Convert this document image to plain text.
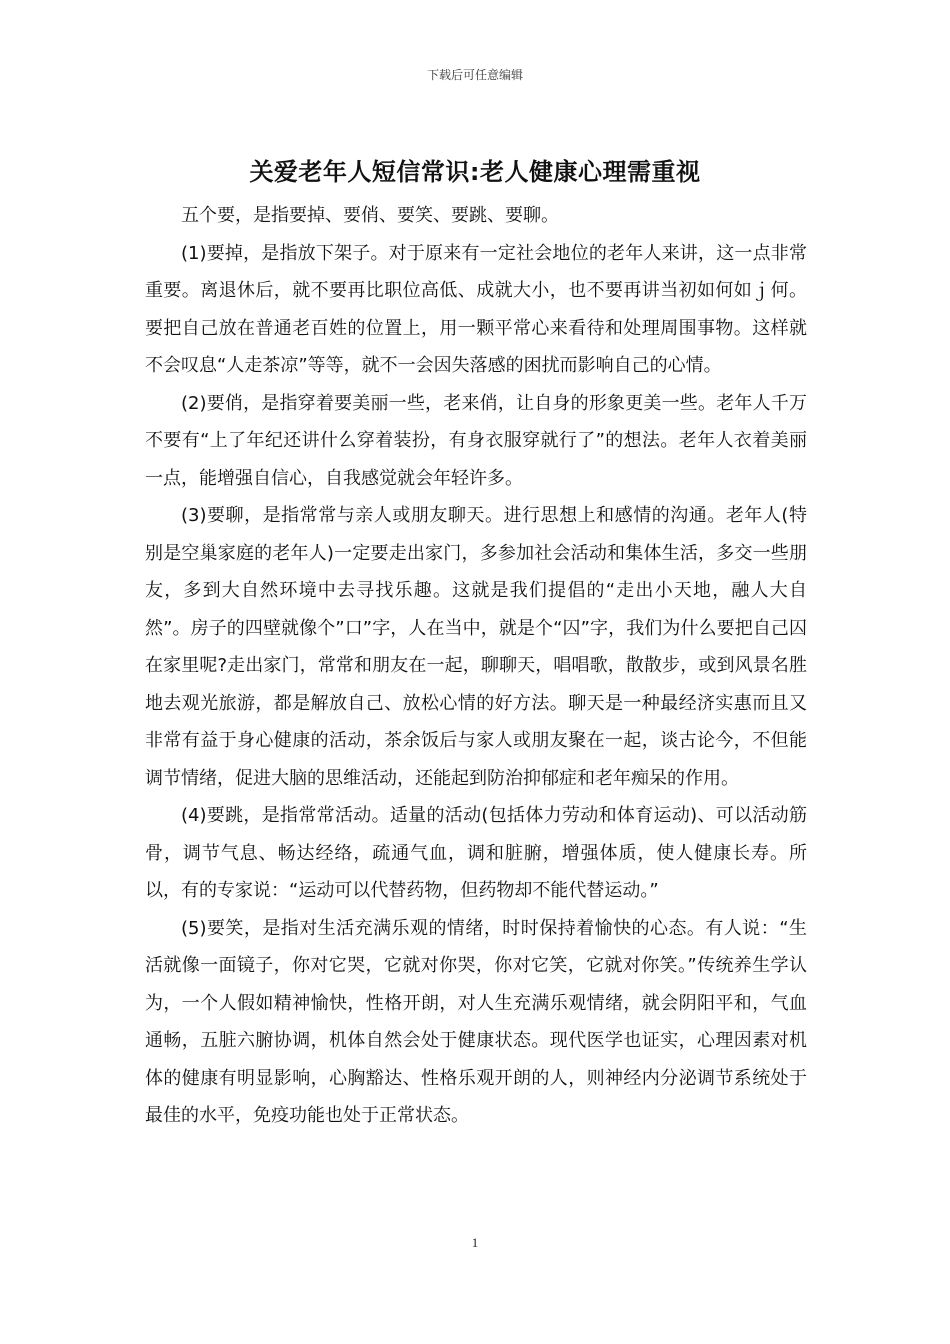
下载后可任意编辑
关爱老年人短信常识:老人健康心理需重视

五个要，是指要掉、要俏、要笑、要跳、要聊。

(1)要掉，是指放下架子。对于原来有一定社会地位的老年人来讲，这一点非常重要。离退休后，就不要再比职位高低、成就大小，也不要再讲当初如何如ｊ何。要把自己放在普通老百姓的位置上，用一颗平常心来看待和处理周围事物。这样就不会叹息“人走茶凉”等等，就不一会因失落感的困扰而影响自己的心情。

(2)要俏，是指穿着要美丽一些，老来俏，让自身的形象更美一些。老年人千万不要有“上了年纪还讲什么穿着装扮，有身衣服穿就行了”的想法。老年人衣着美丽一点，能增强自信心，自我感觉就会年轻许多。

(3)要聊，是指常常与亲人或朋友聊天。进行思想上和感情的沟通。老年人(特别是空巢家庭的老年人)一定要走出家门，多参加社会活动和集体生活，多交一些朋友，多到大自然环境中去寻找乐趣。这就是我们提倡的“走出小天地，融人大自然”。房子的四壁就像个”口”字，人在当中，就是个“囚”字，我们为什么要把自己囚在家里呢?走出家门，常常和朋友在一起，聊聊天，唱唱歌，散散步，或到风景名胜地去观光旅游，都是解放自己、放松心情的好方法。聊天是一种最经济实惠而且又非常有益于身心健康的活动，茶余饭后与家人或朋友聚在一起，谈古论今，不但能调节情绪，促进大脑的思维活动，还能起到防治抑郁症和老年痴呆的作用。

(4)要跳，是指常常活动。适量的活动(包括体力劳动和体育运动)、可以活动筋骨，调节气息、畅达经络，疏通气血，调和脏腑，增强体质，使人健康长寿。所以，有的专家说：“运动可以代替药物，但药物却不能代替运动。”

(5)要笑，是指对生活充满乐观的情绪，时时保持着愉快的心态。有人说：“生活就像一面镜子，你对它哭，它就对你哭，你对它笑，它就对你笑。”传统养生学认为，一个人假如精神愉快，性格开朗，对人生充满乐观情绪，就会阴阳平和，气血通畅，五脏六腑协调，机体自然会处于健康状态。现代医学也证实，心理因素对机体的健康有明显影响，心胸豁达、性格乐观开朗的人，则神经内分泌调节系统处于最佳的水平，免疫功能也处于正常状态。

1
